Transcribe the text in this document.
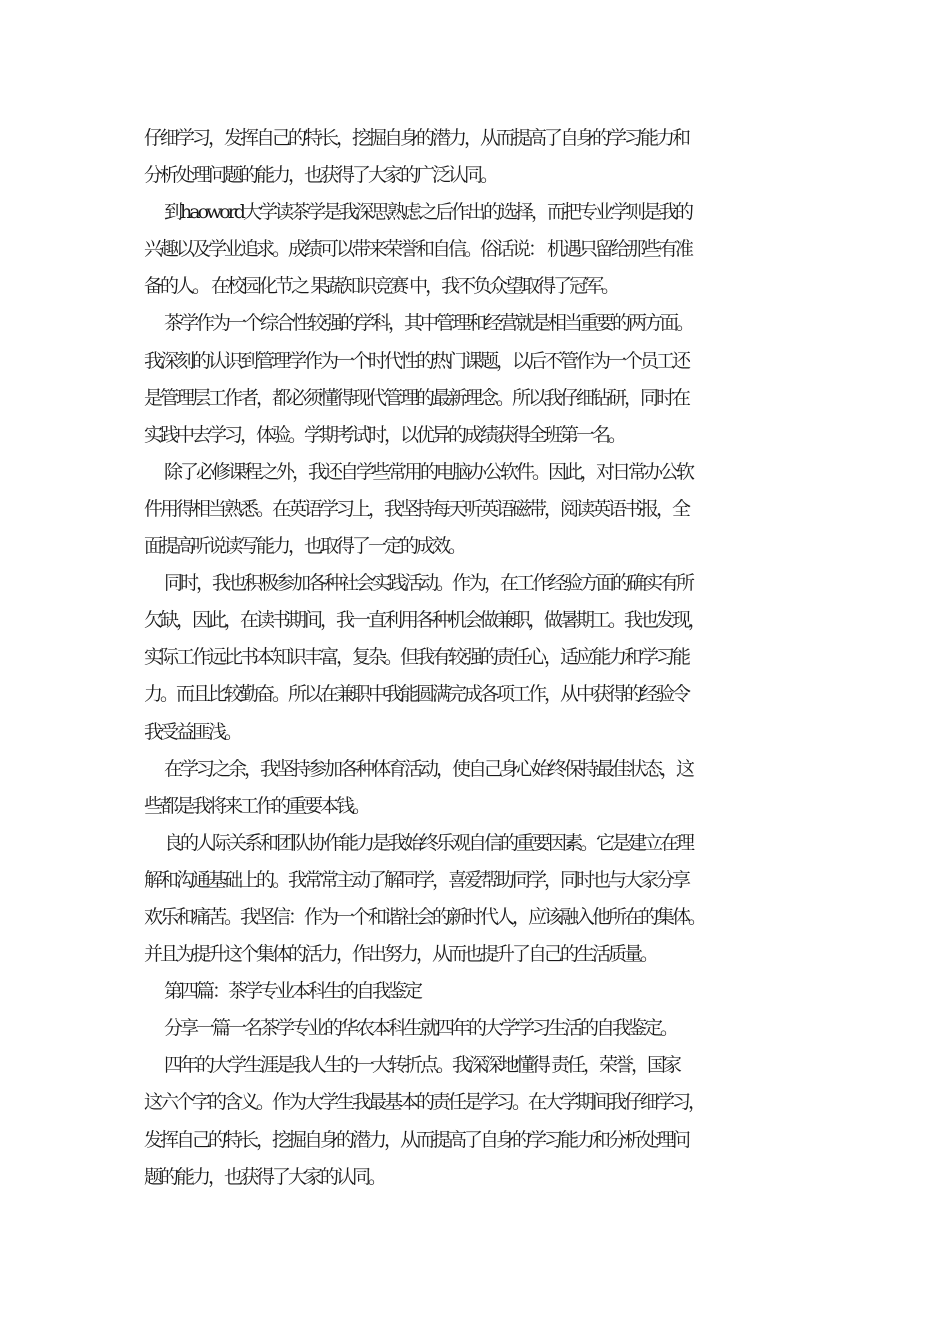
仔细学习，发挥自己的特长，挖掘自身的潜力，从而提高了自身的学习能力和
分析处理问题的能力，也获得了大家的广泛认同。
到haoword大学读茶学是我深思熟虑之后作出的选择，而把专业学则是我的
兴趣以及学业追求。成绩可以带来荣誉和自信。俗话说： 机遇只留给那些有准
备的人。 在校园化节之 果蔬知识竞赛 中，我不负众望取得了冠军。
茶学作为一个综合性较强的学科，其中管理和经营就是相当重要的两方面。
我深刻的认识到管理学作为一个时代性的热门课题，以后不管作为一个员工还
是管理层工作者，都必须懂得现代管理的最新理念。所以我仔细钻研，同时在
实践中去学习，体验。学期考试时，以优异的成绩获得全班第一名。
除了必修课程之外，我还自学些常用的电脑办公软件。因此，对日常办公软
件用得相当熟悉。在英语学习上，我坚持每天听英语磁带，阅读英语书报，全
面提高听说读写能力，也取得了一定的成效。
同时，我也积极参加各种社会实践活动。作为，在工作经验方面的确实有所
欠缺，因此，在读书期间，我一直利用各种机会做兼职，做暑期工。我也发现，
实际工作远比书本知识丰富，复杂。但我有较强的责任心，适应能力和学习能
力。而且比较勤奋。所以在兼职中我能圆满完成各项工作，从中获得的经验令
我受益匪浅。
在学习之余，我坚持参加各种体育活动，使自己身心始终保持最佳状态，这
些都是我将来工作的重要本钱。
良的人际关系和团队协作能力是我始终乐观自信的重要因素。它是建立在理
解和沟通基础上的。我常常主动了解同学，喜爱帮助同学，同时也与大家分享
欢乐和痛苦。我坚信：作为一个和谐社会的新时代人，应该融入他所在的集体。
并且为提升这个集体的活力，作出努力，从而也提升了自己的生活质量。
第四篇：茶学专业本科生的自我鉴定
分享一篇一名茶学专业的华农本科生就四年的大学学习生活的自我鉴定。
四年的大学生涯是我人生的一大转折点。我深深地懂得 责任，荣誉，国家
这六个字的含义。作为大学生我最基本的责任是学习。在大学期间我仔细学习，
发挥自己的特长，挖掘自身的潜力，从而提高了自身的学习能力和分析处理问
题的能力，也获得了大家的认同。
